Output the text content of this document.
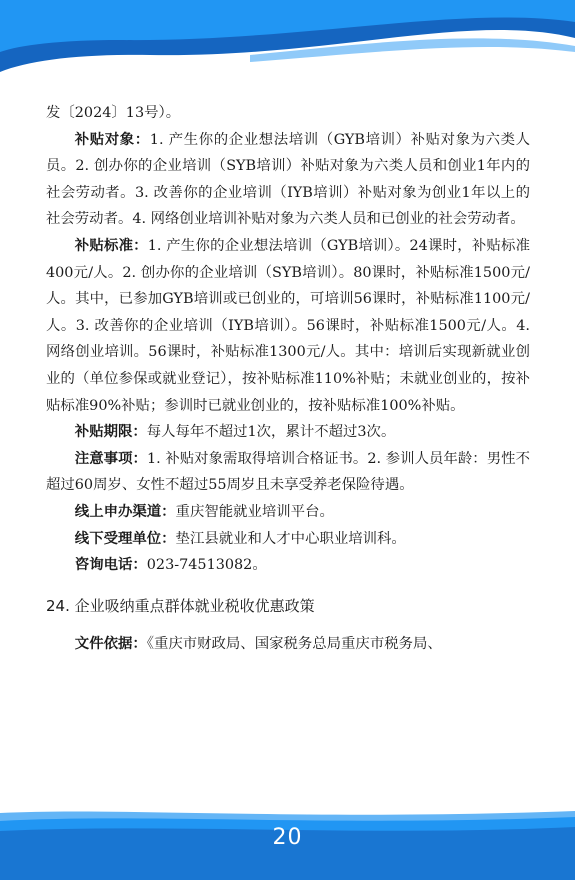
发〔2024〕13号）。

补贴对象：1. 产生你的企业想法培训（GYB培训）补贴对象为六类人员。2. 创办你的企业培训（SYB培训）补贴对象为六类人员和创业1年内的社会劳动者。3. 改善你的企业培训（IYB培训）补贴对象为创业1年以上的社会劳动者。4. 网络创业培训补贴对象为六类人员和已创业的社会劳动者。

补贴标准：1. 产生你的企业想法培训（GYB培训）。24课时，补贴标准400元/人。2. 创办你的企业培训（SYB培训）。80课时，补贴标准1500元/人。其中，已参加GYB培训或已创业的，可培训56课时，补贴标准1100元/人。3. 改善你的企业培训（IYB培训）。56课时，补贴标准1500元/人。4. 网络创业培训。56课时，补贴标准1300元/人。其中：培训后实现新就业创业的（单位参保或就业登记），按补贴标准110%补贴；未就业创业的，按补贴标准90%补贴；参训时已就业创业的，按补贴标准100%补贴。

补贴期限：每人每年不超过1次，累计不超过3次。

注意事项：1. 补贴对象需取得培训合格证书。2. 参训人员年龄：男性不超过60周岁、女性不超过55周岁且未享受养老保险待遇。

线上申办渠道：重庆智能就业培训平台。

线下受理单位：垫江县就业和人才中心职业培训科。

咨询电话：023-74513082。

24. 企业吸纳重点群体就业税收优惠政策

文件依据：《重庆市财政局、国家税务总局重庆市税务局、

20
